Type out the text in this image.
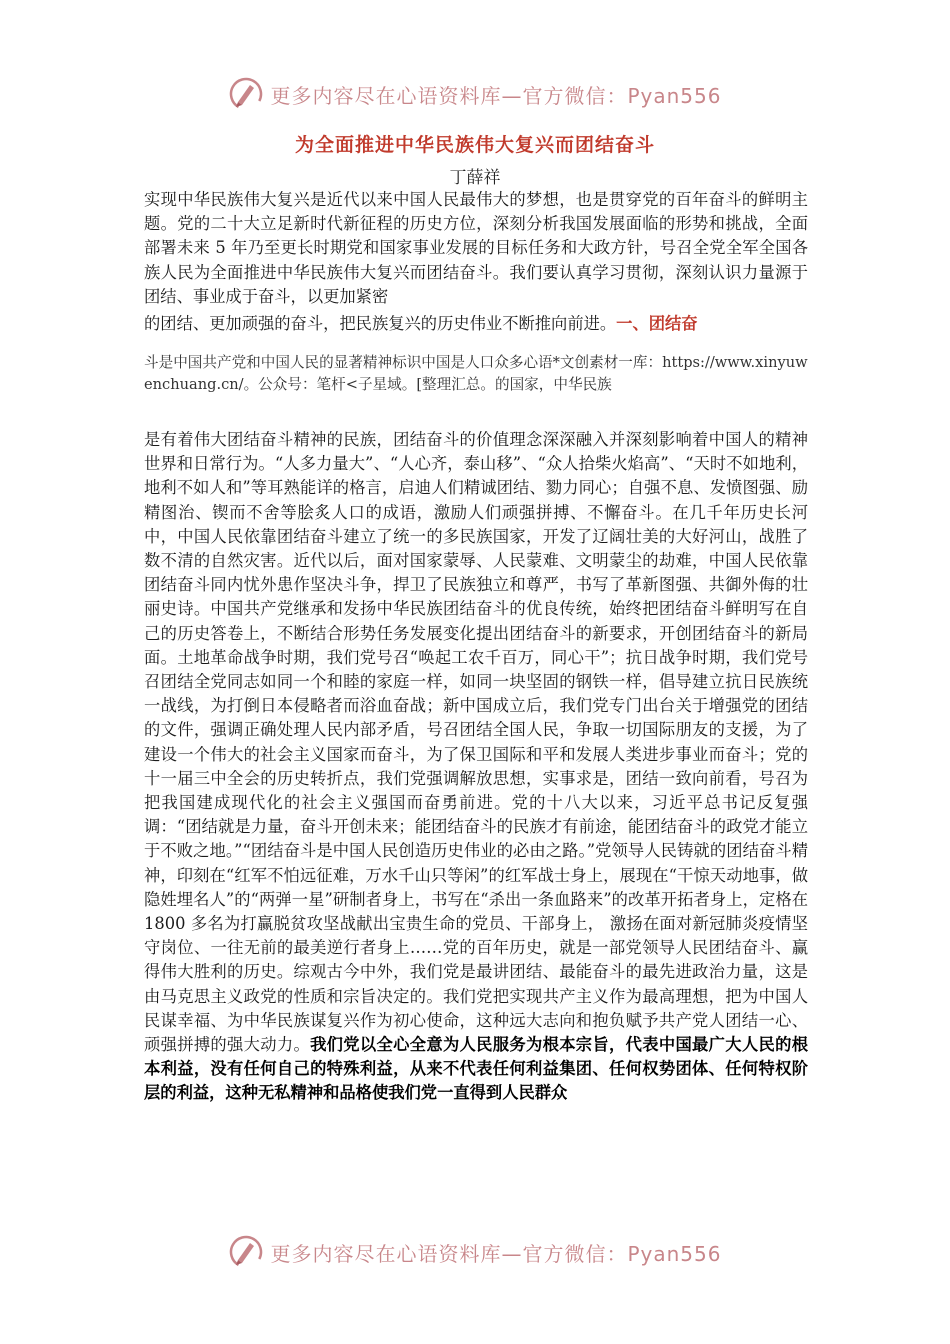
更多内容尽在心语资料库—官方微信：Pyan556
为全面推进中华民族伟大复兴而团结奋斗
丁薛祥
实现中华民族伟大复兴是近代以来中国人民最伟大的梦想，也是贯穿党的百年奋斗的鲜明主题。党的二十大立足新时代新征程的历史方位，深刻分析我国发展面临的形势和挑战，全面部署未来 5 年乃至更长时期党和国家事业发展的目标任务和大政方针，号召全党全军全国各族人民为全面推进中华民族伟大复兴而团结奋斗。我们要认真学习贯彻，深刻认识力量源于团结、事业成于奋斗，以更加紧密
的团结、更加顽强的奋斗，把民族复兴的历史伟业不断推向前进。一、团结奋
斗是中国共产党和中国人民的显著精神标识中国是人口众多心语*文创素材一库：https://www.xinyuwenchuang.cn/。公众号：笔杆<子星域。[整理汇总。的国家，中华民族
是有着伟大团结奋斗精神的民族，团结奋斗的价值理念深深融入并深刻影响着中国人的精神世界和日常行为。“人多力量大”、“人心齐，泰山移”、“众人拾柴火焰高”、“天时不如地利，地利不如人和”等耳熟能详的格言，启迪人们精诚团结、勠力同心；自强不息、发愤图强、励精图治、锲而不舍等脍炙人口的成语，激励人们顽强拼搏、不懈奋斗。在几千年历史长河中，中国人民依靠团结奋斗建立了统一的多民族国家，开发了辽阔壮美的大好河山，战胜了数不清的自然灾害。近代以后，面对国家蒙辱、人民蒙难、文明蒙尘的劫难，中国人民依靠团结奋斗同内忧外患作坚决斗争，捍卫了民族独立和尊严，书写了革新图强、共御外侮的壮丽史诗。中国共产党继承和发扬中华民族团结奋斗的优良传统，始终把团结奋斗鲜明写在自己的历史答卷上，不断结合形势任务发展变化提出团结奋斗的新要求，开创团结奋斗的新局面。土地革命战争时期，我们党号召“唤起工农千百万，同心干”；抗日战争时期，我们党号召团结全党同志如同一个和睦的家庭一样，如同一块坚固的钢铁一样，倡导建立抗日民族统一战线，为打倒日本侵略者而浴血奋战；新中国成立后，我们党专门出台关于增强党的团结的文件，强调正确处理人民内部矛盾，号召团结全国人民，争取一切国际朋友的支援，为了建设一个伟大的社会主义国家而奋斗，为了保卫国际和平和发展人类进步事业而奋斗；党的十一届三中全会的历史转折点，我们党强调解放思想，实事求是，团结一致向前看，号召为把我国建成现代化的社会主义强国而奋勇前进。党的十八大以来，习近平总书记反复强调：“团结就是力量，奋斗开创未来；能团结奋斗的民族才有前途，能团结奋斗的政党才能立于不败之地。”“团结奋斗是中国人民创造历史伟业的必由之路。”党领导人民铸就的团结奋斗精神，印刻在“红军不怕远征难，万水千山只等闲”的红军战士身上，展现在“干惊天动地事，做隐姓埋名人”的“两弹一星”研制者身上，书写在“杀出一条血路来”的改革开拓者身上，定格在 1800 多名为打赢脱贫攻坚战献出宝贵生命的党员、干部身上， 激扬在面对新冠肺炎疫情坚守岗位、一往无前的最美逆行者身上……党的百年历史，就是一部党领导人民团结奋斗、赢得伟大胜利的历史。综观古今中外，我们党是最讲团结、最能奋斗的最先进政治力量，这是由马克思主义政党的性质和宗旨决定的。我们党把实现共产主义作为最高理想，把为中国人民谋幸福、为中华民族谋复兴作为初心使命，这种远大志向和抱负赋予共产党人团结一心、顽强拼搏的强大动力。我们党以全心全意为人民服务为根本宗旨，代表中国最广大人民的根本利益，没有任何自己的特殊利益，从来不代表任何利益集团、任何权势团体、任何特权阶层的利益，这种无私精神和品格使我们党一直得到人民群众
更多内容尽在心语资料库—官方微信：Pyan556
